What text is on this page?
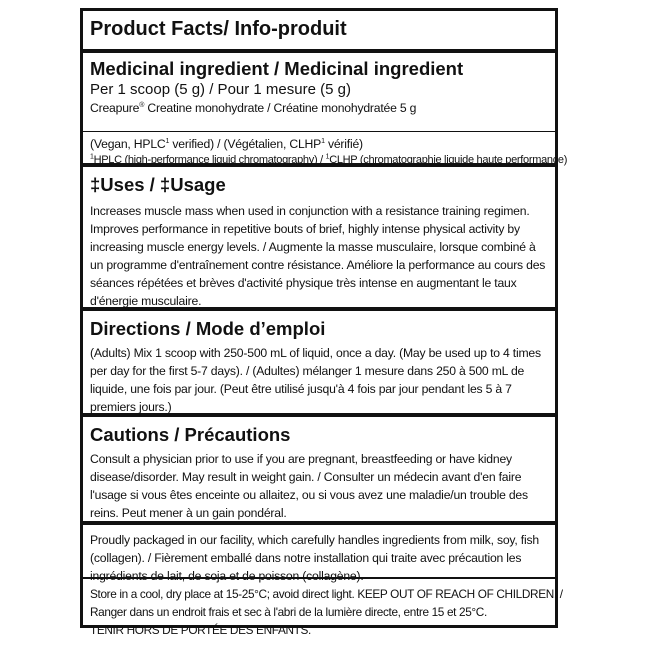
Product Facts/ Info-produit
Medicinal ingredient / Medicinal ingredient
Per 1 scoop (5 g) / Pour 1 mesure (5 g)
Creapure® Creatine monohydrate / Créatine monohydratée 5 g
(Vegan, HPLC$^1$ verified) / (Végétalien, CLHP$^1$ vérifié)
$^1$HPLC (high-performance liquid chromatography) / $^1$CLHP (chromatographie liquide haute performance)
‡Uses / ‡Usage
Increases muscle mass when used in conjunction with a resistance training regimen.
Improves performance in repetitive bouts of brief, highly intense physical activity by
increasing muscle energy levels. / Augmente la masse musculaire, lorsque combiné à
un programme d'entraînement contre résistance. Améliore la performance au cours des
séances répétées et brèves d'activité physique très intense en augmentant le taux
d'énergie musculaire.
Directions / Mode d’emploi
(Adults) Mix 1 scoop with 250-500 mL of liquid, once a day. (May be used up to 4 times
per day for the first 5-7 days). / (Adultes) mélanger 1 mesure dans 250 à 500 mL de
liquide, une fois par jour. (Peut être utilisé jusqu'à 4 fois par jour pendant les 5 à 7
premiers jours.)
Cautions / Précautions
Consult a physician prior to use if you are pregnant, breastfeeding or have kidney
disease/disorder. May result in weight gain. / Consulter un médecin avant d'en faire
l'usage si vous êtes enceinte ou allaitez, ou si vous avez une maladie/un trouble des
reins. Peut mener à un gain pondéral.
Proudly packaged in our facility, which carefully handles ingredients from milk, soy, fish
(collagen). / Fièrement emballé dans notre installation qui traite avec précaution les
ingrédients de lait, de soja et de poisson (collagène).
Store in a cool, dry place at 15-25°C; avoid direct light. KEEP OUT OF REACH OF CHILDREN. /
Ranger dans un endroit frais et sec à l'abri de la lumière directe, entre 15 et 25°C.
TENIR HORS DE PORTÉE DES ENFANTS.
